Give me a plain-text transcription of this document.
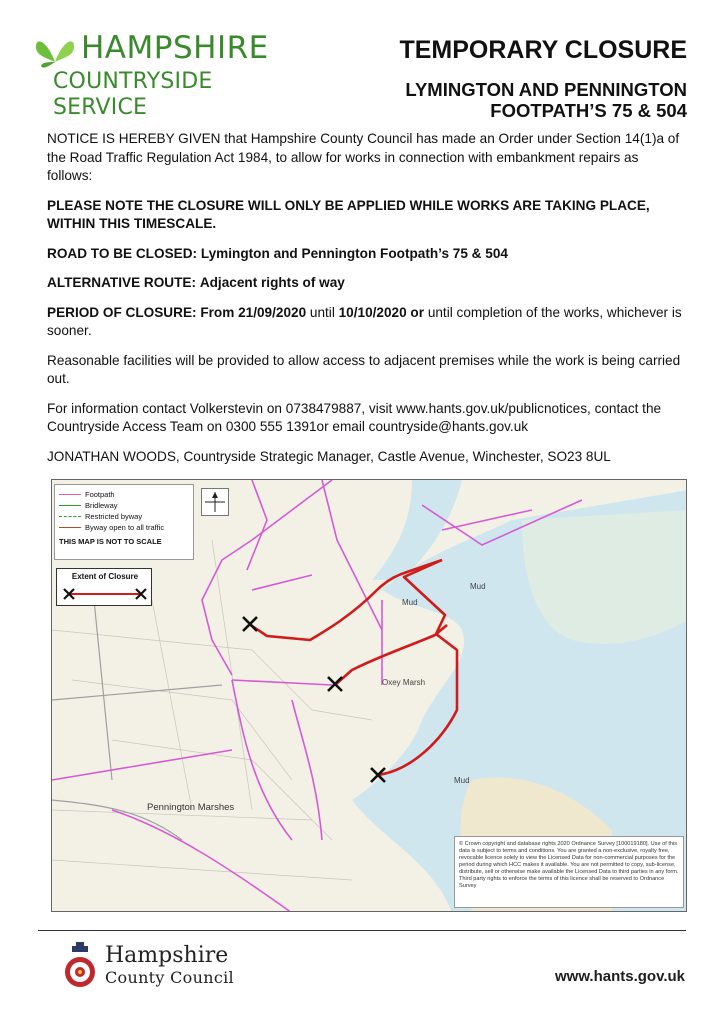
HAMPSHIRE
COUNTRYSIDE SERVICE
TEMPORARY CLOSURE
LYMINGTON AND PENNINGTON FOOTPATH’S 75 & 504

NOTICE IS HEREBY GIVEN that Hampshire County Council has made an Order under Section 14(1)a of the Road Traffic Regulation Act 1984, to allow for works in connection with embankment repairs as follows:

PLEASE NOTE THE CLOSURE WILL ONLY BE APPLIED WHILE WORKS ARE TAKING PLACE, WITHIN THIS TIMESCALE.

ROAD TO BE CLOSED: Lymington and Pennington Footpath’s 75 & 504

ALTERNATIVE ROUTE: Adjacent rights of way

PERIOD OF CLOSURE: From 21/09/2020 until 10/10/2020 or until completion of the works, whichever is sooner.

Reasonable facilities will be provided to allow access to adjacent premises while the work is being carried out.

For information contact Volkerstevin on 0738479887, visit www.hants.gov.uk/publicnotices, contact the Countryside Access Team on 0300 555 1391or email countryside@hants.gov.uk

JONATHAN WOODS, Countryside Strategic Manager, Castle Avenue, Winchester, SO23 8UL

Footpath
Bridleway
Restricted byway
Byway open to all traffic
THIS MAP IS NOT TO SCALE
Extent of Closure
Pennington Marshes
Oxey Marsh
Mud
Mud
Mud
© Crown copyright and database rights 2020 Ordnance Survey [100019180]. Use of this data is subject to terms and conditions. You are granted a non-exclusive, royalty free, revocable licence solely to view the Licensed Data for non-commercial purposes for the period during which HCC makes it available. You are not permitted to copy, sub-license, distribute, sell or otherwise make available the Licensed Data to third parties in any form. Third party rights to enforce the terms of this licence shall be reserved to Ordnance Survey
Hampshire
County Council	www.hants.gov.uk
